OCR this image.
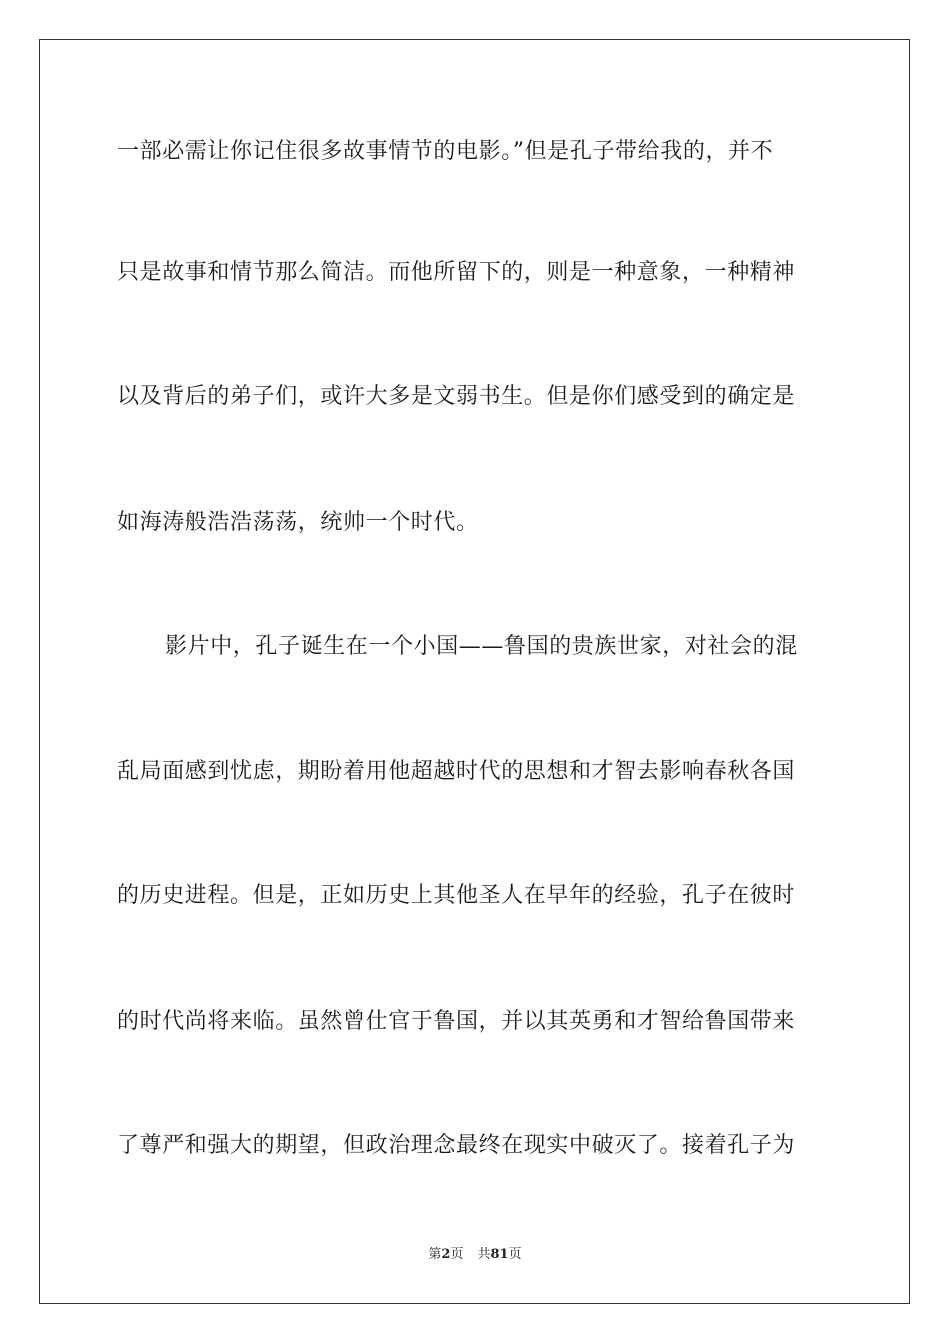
一部必需让你记住很多故事情节的电影。”但是孔子带给我的，并不
只是故事和情节那么简洁。而他所留下的，则是一种意象，一种精神
以及背后的弟子们，或许大多是文弱书生。但是你们感受到的确定是
如海涛般浩浩荡荡，统帅一个时代。
影片中，孔子诞生在一个小国——鲁国的贵族世家，对社会的混
乱局面感到忧虑，期盼着用他超越时代的思想和才智去影响春秋各国
的历史进程。但是，正如历史上其他圣人在早年的经验，孔子在彼时
的时代尚将来临。虽然曾仕官于鲁国，并以其英勇和才智给鲁国带来
了尊严和强大的期望，但政治理念最终在现实中破灭了。接着孔子为
第2页 共81页
